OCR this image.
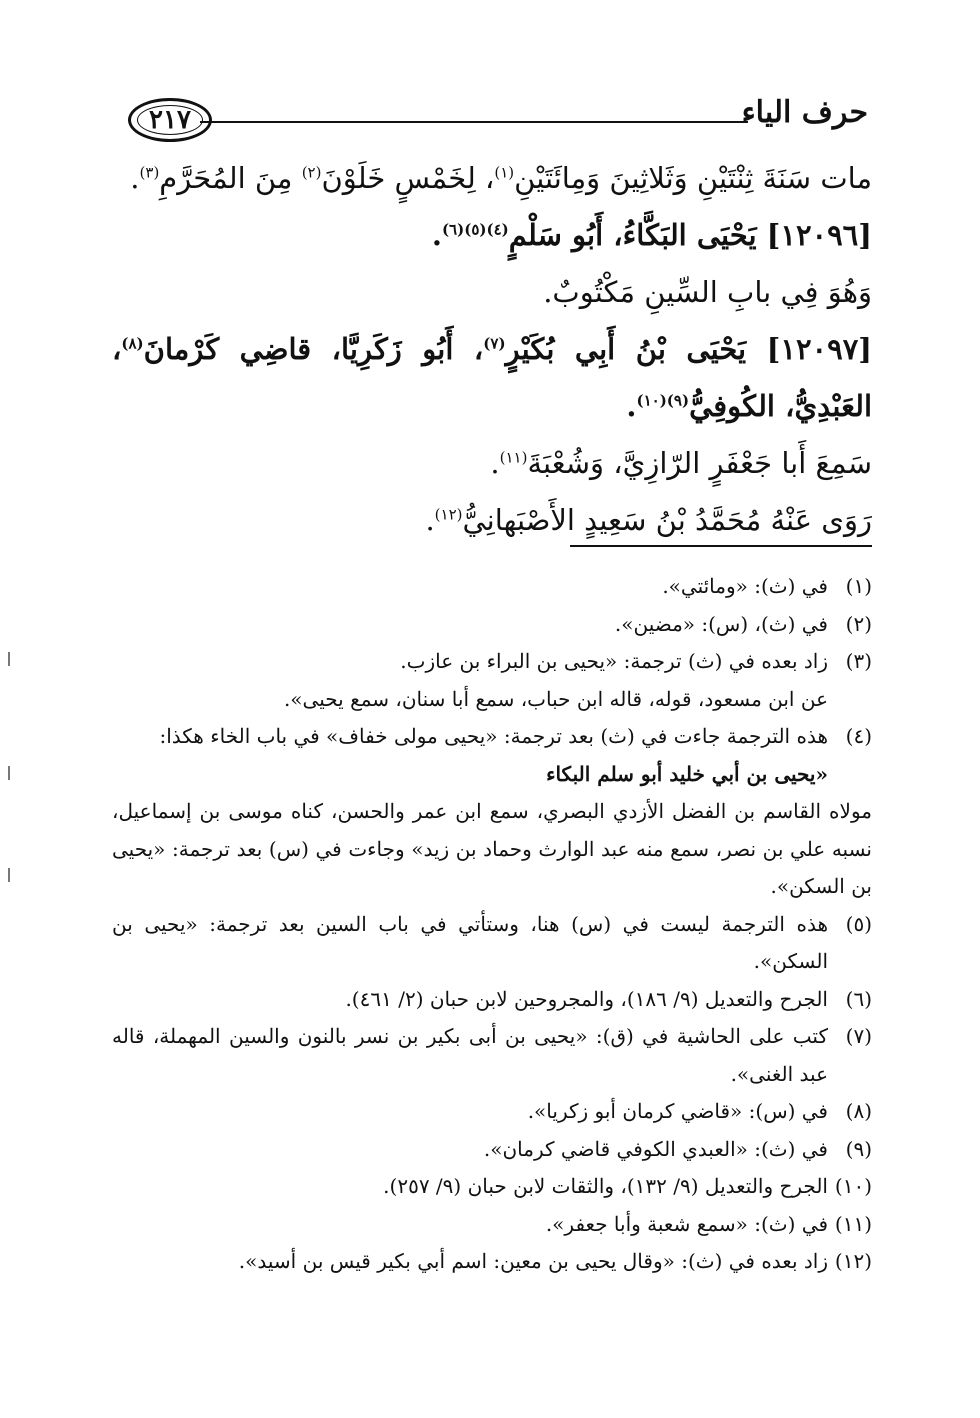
حرف الياء
٢١٧

مات سَنَةَ ثِنْتَيْنِ وَثَلاثِينَ وَمِائَتَيْنِ$^{(١)}$، لِخَمْسٍ خَلَوْنَ$^{(٢)}$ مِنَ المُحَرَّمِ$^{(٣)}$.

[١٢٠٩٦] يَحْيَى البَكَّاءُ، أَبُو سَلْمٍ$^{(٤)(٥)(٦)}$.

وَهُوَ فِي بابِ السِّينِ مَكْتُوبٌ.

[١٢٠٩٧] يَحْيَى بْنُ أَبِي بُكَيْرٍ$^{(٧)}$، أَبُو زَكَرِيَّا، قاضِي كَرْمانَ$^{(٨)}$، العَبْدِيُّ، الكُوفِيُّ$^{(٩)(١٠)}$.

سَمِعَ أَبا جَعْفَرٍ الرّازِيَّ، وَشُعْبَةَ$^{(١١)}$.

رَوَى عَنْهُ مُحَمَّدُ بْنُ سَعِيدٍ الأَصْبَهانِيُّ$^{(١٢)}$.

(١)
في (ث): «ومائتي».
(٢)
في (ث)، (س): «مضين».
(٣)
زاد بعده في (ث) ترجمة: «يحيى بن البراء بن عازب.
عن ابن مسعود، قوله، قاله ابن حباب، سمع أبا سنان، سمع يحيى».
(٤)
هذه الترجمة جاءت في (ث) بعد ترجمة: «يحيى مولى خفاف» في باب الخاء هكذا:
«يحيى بن أبي خليد أبو سلم البكاء

مولاه القاسم بن الفضل الأزدي البصري، سمع ابن عمر والحسن، كناه موسى بن إسماعيل، نسبه علي بن نصر، سمع منه عبد الوارث وحماد بن زيد» وجاءت في (س) بعد ترجمة: «يحيى بن السكن».

(٥)
هذه الترجمة ليست في (س) هنا، وستأتي في باب السين بعد ترجمة: «يحيى بن السكن».
(٦)
الجرح والتعديل (٩/ ١٨٦)، والمجروحين لابن حبان (٢/ ٤٦١).
(٧)
كتب على الحاشية في (ق): «يحيى بن أبى بكير بن نسر بالنون والسين المهملة، قاله عبد الغنى».
(٨)
في (س): «قاضي كرمان أبو زكريا».
(٩)
في (ث): «العبدي الكوفي قاضي كرمان».
(١٠)
الجرح والتعديل (٩/ ١٣٢)، والثقات لابن حبان (٩/ ٢٥٧).
(١١)
في (ث): «سمع شعبة وأبا جعفر».
(١٢)
زاد بعده في (ث): «وقال يحيى بن معين: اسم أبي بكير قيس بن أسيد».
